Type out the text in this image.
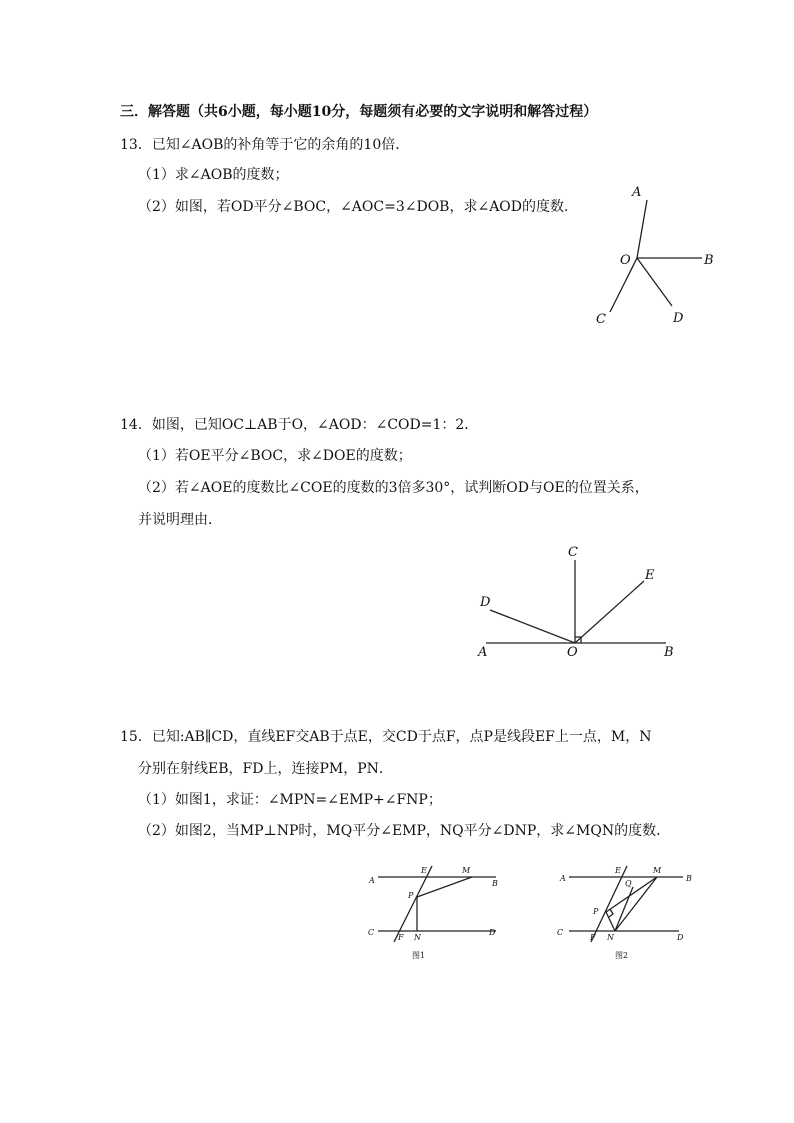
三．解答题（共6小题，每小题10分，每题须有必要的文字说明和解答过程）
13．已知∠AOB的补角等于它的余角的10倍．
（1）求∠AOB的度数；
（2）如图，若OD平分∠BOC，∠AOC=3∠DOB，求∠AOD的度数．
A
B
O
C	D
14．如图，已知OC⊥AB于O，∠AOD：∠COD=1：2．
（1）若OE平分∠BOC，求∠DOE的度数；
（2）若∠AOE的度数比∠COE的度数的3倍多30°，试判断OD与OE的位置关系，
并说明理由．
C
E
D
A	O	B
15．已知:AB∥CD，直线EF交AB于点E，交CD于点F，点P是线段EF上一点，M，N
分别在射线EB，FD上，连接PM，PN．
（1）如图1，求证：∠MPN=∠EMP+∠FNP；
（2）如图2，当MP⊥NP时，MQ平分∠EMP，NQ平分∠DNP，求∠MQN的度数．
A
E	M
B
P
C
F N
D
图1
A
E	M
B
Q
P
C
F N	D
图2
